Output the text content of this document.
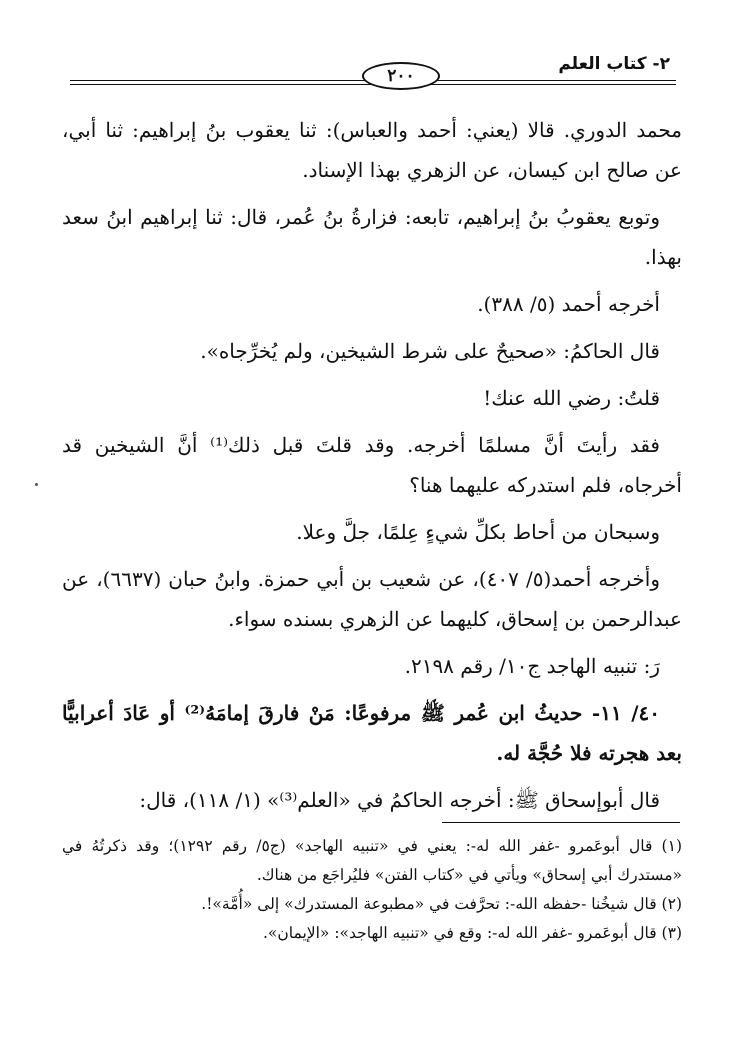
٢- كتاب العلم
٢٠٠

محمد الدوري. قالا (يعني: أحمد والعباس): ثنا يعقوب بنُ إبراهيم: ثنا أبي، عن صالح ابن كيسان، عن الزهري بهذا الإسناد.

وتوبع يعقوبُ بنُ إبراهيم، تابعه: فزارةُ بنُ عُمر، قال: ثنا إبراهيم ابنُ سعد بهذا.

أخرجه أحمد (٥/ ٣٨٨).

قال الحاكمُ: «صحيحٌ على شرط الشيخين، ولم يُخرِّجاه».

قلتُ: رضي الله عنك!

فقد رأيتَ أنَّ مسلمًا أخرجه. وقد قلتَ قبل ذلك⁽¹⁾ أنَّ الشيخين قد أخرجاه، فلم استدركه عليهما هنا؟

وسبحان من أحاط بكلِّ شيءٍ عِلمًا، جلَّ وعلا.

وأخرجه أحمد(٥/ ٤٠٧)، عن شعيب بن أبي حمزة. وابنُ حبان (٦٦٣٧)، عن عبدالرحمن بن إسحاق، كليهما عن الزهري بسنده سواء.

رَ: تنبيه الهاجد ج١٠/ رقم ٢١٩٨.

٤٠/ ١١- حديثُ ابن عُمر ﷺ مرفوعًا: مَنْ فارقَ إمامَهُ⁽²⁾ أو عَادَ أعرابيًّا بعد هجرته فلا حُجَّة له.

قال أبوإسحاق ﷺ: أخرجه الحاكمُ في «العلم⁽³⁾» (١/ ١١٨)، قال:

(١) قال أبوعَمرو -غفر الله له-: يعني في «تنبيه الهاجد» (ج٥/ رقم ١٢٩٢)؛ وقد ذكرتُهُ في «مستدرك أبي إسحاق» ويأتي في «كتاب الفتن» فليُراجَع من هناك.

(٢) قال شيخُنا -حفظه الله-: تحرَّفت في «مطبوعة المستدرك» إلى «أُمَّة»!.

(٣) قال أبوعَمرو -غفر الله له-: وقع في «تنبيه الهاجد»: «الإيمان».
